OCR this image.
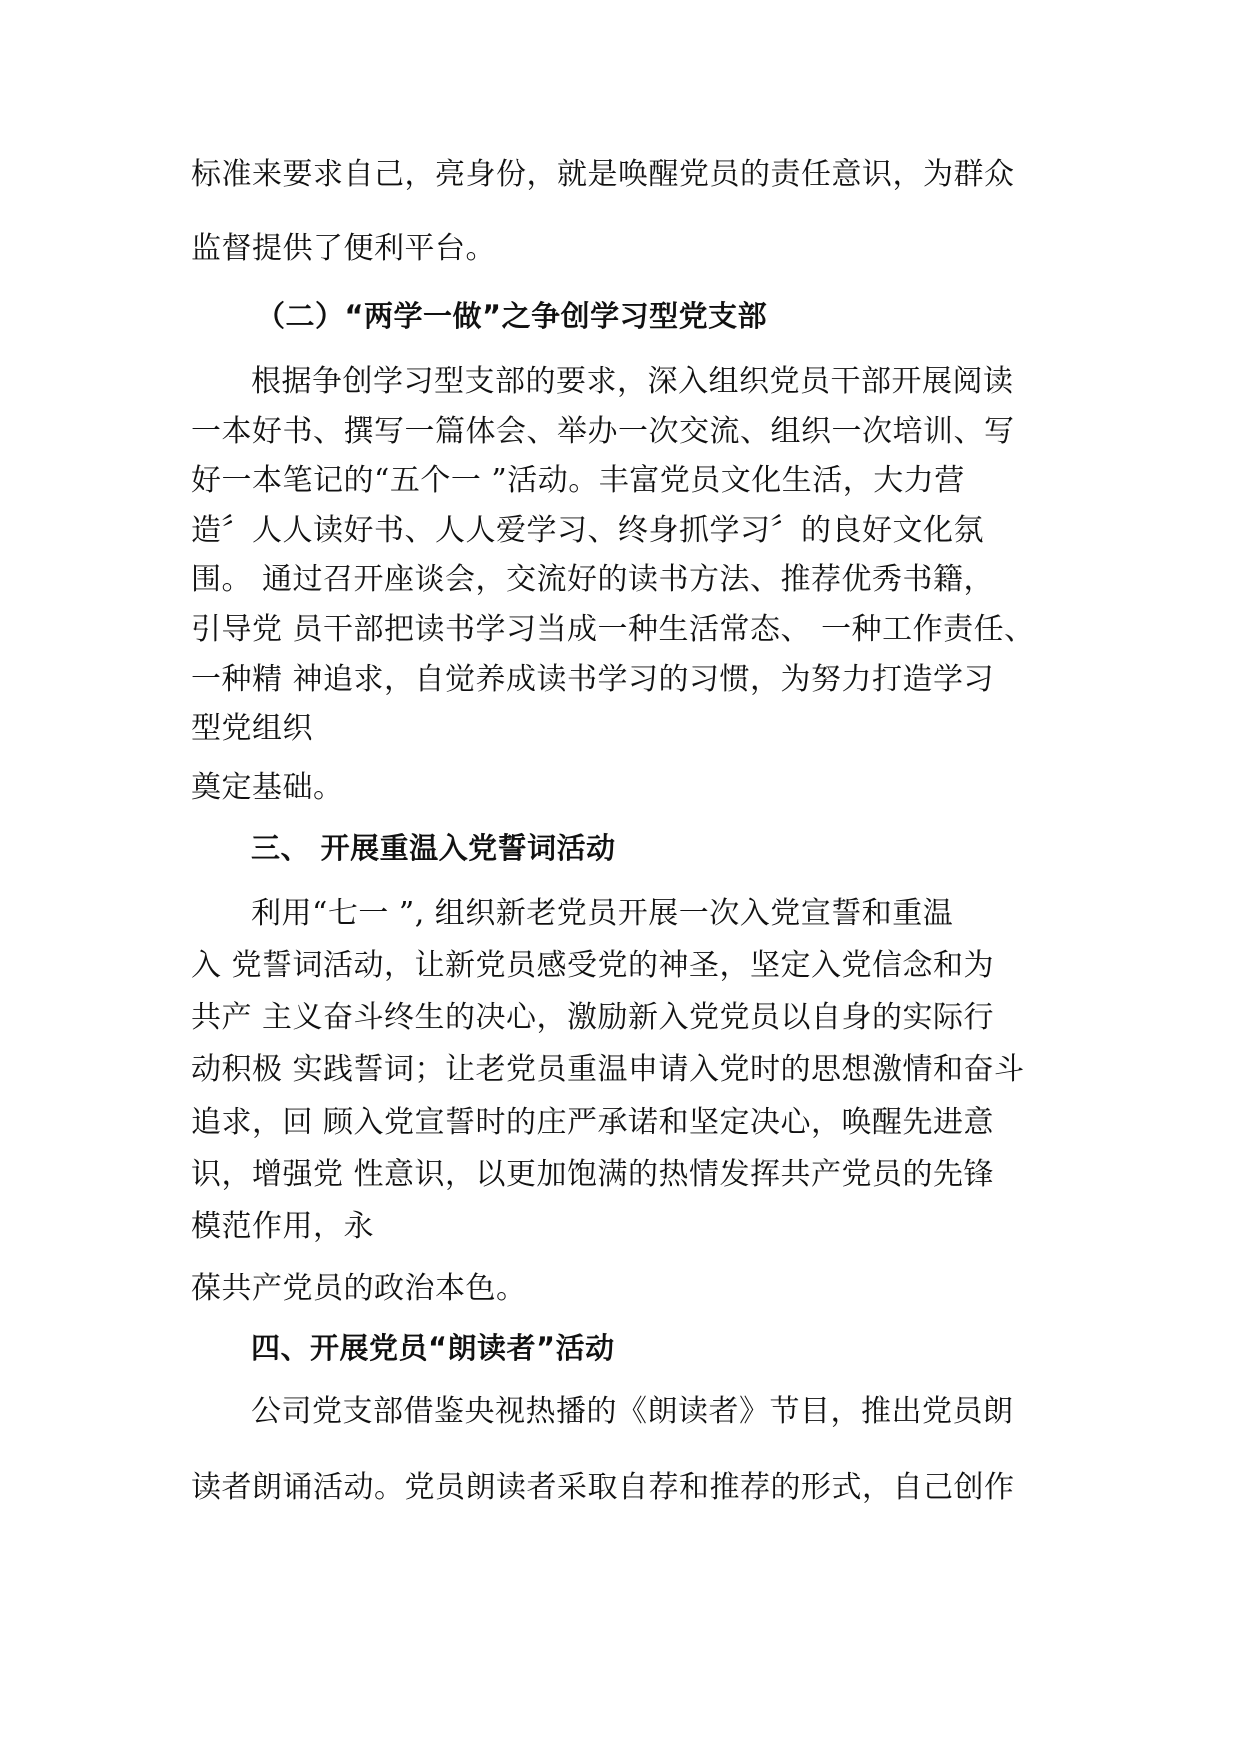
标准来要求自己，亮身份，就是唤醒党员的责任意识，为群众
监督提供了便利平台。
（二）“两学一做”之争创学习型党支部
根据争创学习型支部的要求，深入组织党员干部开展阅读
一本好书、撰写一篇体会、举办一次交流、组织一次培训、写
好一本笔记的“五个一 ”活动。丰富党员文化生活，大力营
造〞人人读好书、人人爱学习、终身抓学习〞的良好文化氛
围。 通过召开座谈会，交流好的读书方法、推荐优秀书籍，
引导党 员干部把读书学习当成一种生活常态、 一种工作责任、
一种精 神追求，自觉养成读书学习的习惯，为努力打造学习
型党组织
奠定基础。
三、 开展重温入党誓词活动
利用“七一 ”, 组织新老党员开展一次入党宣誓和重温
入 党誓词活动，让新党员感受党的神圣，坚定入党信念和为
共产 主义奋斗终生的决心，激励新入党党员以自身的实际行
动积极 实践誓词；让老党员重温申请入党时的思想激情和奋斗
追求，回 顾入党宣誓时的庄严承诺和坚定决心，唤醒先进意
识，增强党 性意识，以更加饱满的热情发挥共产党员的先锋
模范作用，永
葆共产党员的政治本色。
四、开展党员“朗读者”活动
公司党支部借鉴央视热播的《朗读者》节目，推出党员朗
读者朗诵活动。党员朗读者采取自荐和推荐的形式，自己创作
